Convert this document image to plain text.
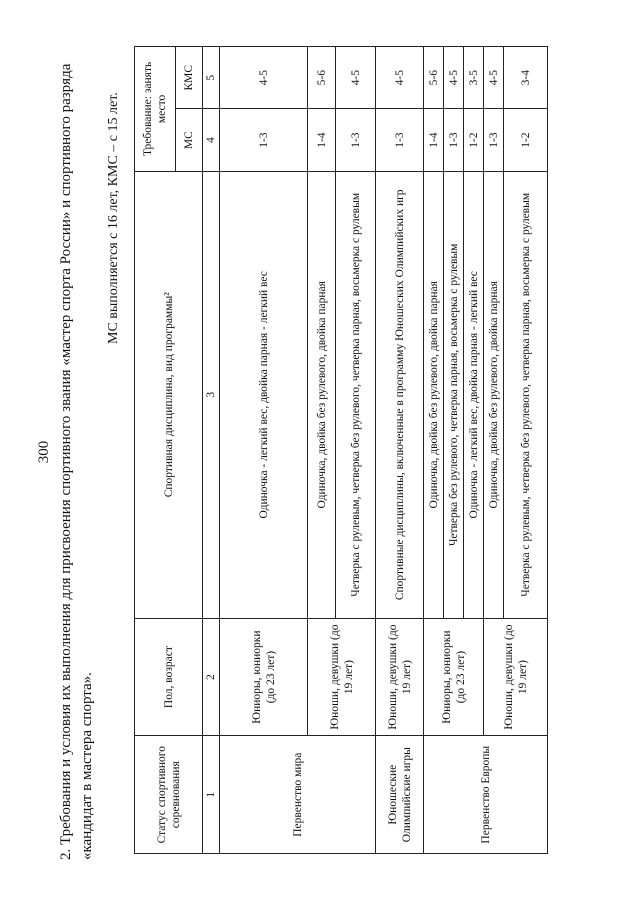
300 2. Требования и условия их выполнения для присвоения спортивного звания «мастер спорта России» и спортивного разряда «кандидат в мастера спорта».
МС выполняется с 16 лет, КМС – с 15 лет.
Статус спортивного соревнования	Пол, возраст	Спортивная дисциплина, вид программы²	Требование: занять место	
			МС	КМС
1	2	3	4	5
Первенство мира	Юниоры, юниорки (до 23 лет)	Одиночка - легкий вес, двойка парная - легкий вес	1-3	4-5
	Юноши, девушки (до 19 лет)	Одиночка, двойка без рулевого, двойка парная	1-4	5-6
		Четверка с рулевым, четверка без рулевого, четверка парная, восьмерка с рулевым	1-3	4-5
Юношеские Олимпийские игры	Юноши, девушки (до 19 лет)	Спортивные дисциплины, включенные в программу Юношеских Олимпийских игр	1-3	4-5
Первенство Европы	Юниоры, юниорки (до 23 лет)	Одиночка, двойка без рулевого, двойка парная	1-4	5-6
		Четверка без рулевого, четверка парная, восьмерка с рулевым	1-3	4-5
		Одиночка - легкий вес, двойка парная - легкий вес	1-2	3-5
	Юноши, девушки (до 19 лет)	Одиночка, двойка без рулевого, двойка парная	1-3	4-5
		Четверка с рулевым, четверка без рулевого, четверка парная, восьмерка с рулевым	1-2	3-4
